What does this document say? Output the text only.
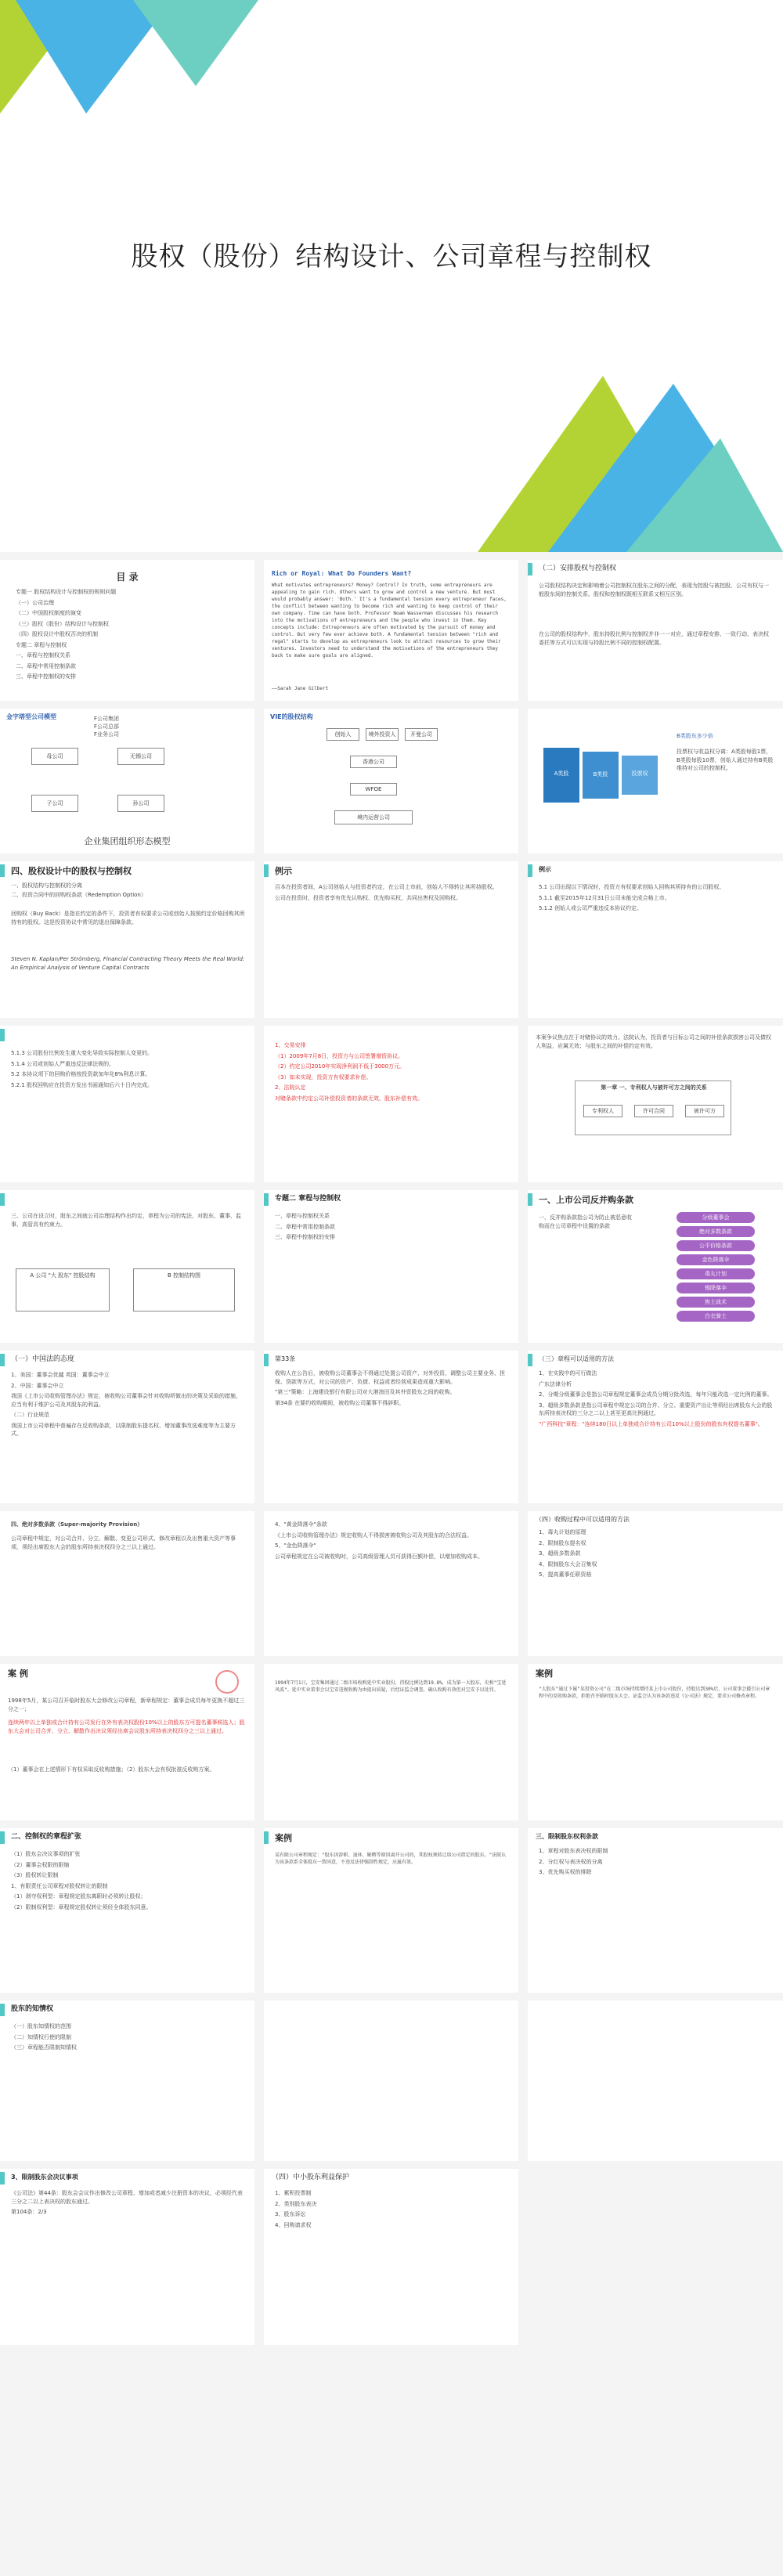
股权（股份）结构设计、公司章程与控制权
目 录
专题一 股权结构设计与控制权的规则问题
（一）公司治理
（二）中国股权制度的演变
（三）股权（股份）结构设计与控制权
（四）股权设计中股权否决的机制
专题二 章程与控制权
一、章程与控制权关系
二、章程中常用控制条款
三、章程中控制权的安排
Rich or Royal: What Do Founders Want?
What motivates entrepreneurs? Money? Control? In truth, some entrepreneurs are appealing to gain rich. Others want to grow and control a new venture. But most would probably answer: 'Both.' It's a fundamental tension every entrepreneur faces, the conflict between wanting to become rich and wanting to keep control of their own company. Time can have both. Professor Noam Wasserman discusses his research into the motivations of entrepreneurs and the people who invest in them. Key concepts include: Entrepreneurs are often motivated by the pursuit of money and control. But very few ever achieve both. A fundamental tension between "rich and regal" starts to develop as entrepreneurs look to attract resources to grow their ventures. Investors need to understand the motivations of the entrepreneurs they back to make sure goals are aligned.
——Sarah Jane Gilbert
（二）安排股权与控制权
公司股权结构决定和影响着公司控制权在股东之间的分配，表现为控股与被控股、公司有权与一般股东间的控制关系。股权和控制权既相互联系又相互区别。
在公司的股权结构中，股东持股比例与控制权并非一一对应，通过章程安排、一致行动、表决权委托等方式可以实现与持股比例不同的控制权配置。
金字塔型公司模型
母公司	无锡公司
子公司	孙公司
F公司集团
F公司总部
F业务公司
企业集团组织形态模型
VIE的股权结构
创始人	境外投资人	开曼公司
香港公司
WFOE
境内运营公司
A类股	B类股	投票权
B类股东多少倍
投票权与收益权分离：A类股每股1票，B类股每股10票，创始人通过持有B类股维持对公司的控制权。
四、股权设计中的股权与控制权
一、股权结构与控制权的分离
二、投资合同中的回购权条款（Redemption Option）
回购权（Buy Back）是指在约定的条件下，投资者有权要求公司或创始人按照约定价格回购其所持有的股权。这是投资协议中常见的退出保障条款。
Steven N. Kaplan/Per Strömberg, Financial Contracting Theory Meets the Real World: An Empirical Analysis of Venture Capital Contracts
例示
百本在投资者间，A公司创始人与投资者约定，在公司上市前，创始人不得转让其所持股权。
公司在投资时，投资者享有优先认购权、优先购买权、共同出售权及回购权。
例示
5.1 公司出现以下情况时，投资方有权要求创始人回购其所持有的公司股权。
5.1.1 截至2015年12月31日公司未能完成合格上市。
5.1.2 创始人或公司严重违反本协议约定。
5.1.3 公司股份比例发生重大变化导致实际控制人变更的。
5.1.4 公司或创始人严重违反法律法规的。
5.2 本协议项下的回购价格按投资款加年化8%利息计算。
5.2.1 股权回购应在投资方发出书面通知后六十日内完成。
1、交易安排
（1）2009年7月8日，投资方与公司签署增资协议。
（2）约定公司2010年实现净利润不低于3000万元。
（3）如未实现，投资方有权要求补偿。
2、法院认定
对赌条款中约定公司补偿投资者的条款无效，股东补偿有效。
本案争议焦点在于对赌协议的效力。法院认为，投资者与目标公司之间的补偿条款损害公司及债权人利益，应属无效；与股东之间的补偿约定有效。
第一章 一、专利权人与被许可方之间的关系
专利权人	许可合同	被许可方
三、公司在设立时，股东之间就公司治理结构作出约定，章程为公司的宪法，对股东、董事、监事、高管具有约束力。
A 公司 "大 股东" 控股结构	B 控制结构图
专题二 章程与控制权
一、章程与控制权关系
二、章程中常用控制条款
三、章程中控制权的安排
一、上市公司反并购条款
一、反并购条款指公司为防止被恶意收购而在公司章程中设置的条款
分级董事会
绝对多数条款
公平价格条款
金色降落伞
毒丸计划
锡降落伞
焦土战术
白衣骑士
（一）中国法的态度
1、美国：董事会优越 英国：董事会中立
2、中国：董事会中立
我国《上市公司收购管理办法》规定，被收购公司董事会针对收购所做出的决策及采取的措施，应当有利于维护公司及其股东的利益。
（二）行业规范
我国上市公司章程中普遍存在反收购条款，以限制股东提名权、增加董事改选难度等为主要方式。
第33条
收购人在公告后，被收购公司董事会不得通过处置公司资产、对外投资、调整公司主要业务、担保、贷款等方式，对公司的资产、负债、权益或者经营成果造成重大影响。
"第三"策略：上海建设银行有限公司对大港油田及其外资股东之间的收购。
第34条 在要约收购期间，被收购公司董事不得辞职。
（三）章程可以适用的方法
1、在实践中的可行做法
广东法律分析
2、分期分级董事会是指公司章程规定董事会成员分期分批改选，每年只能改选一定比例的董事。
3、超级多数条款是指公司章程中规定公司的合并、分立、重要资产出让等须经出席股东大会的股东所持表决权的三分之二以上甚至更高比例通过。
"广西科技"章程："连续180日以上单独或合计持有公司10%以上股份的股东有权提名董事"。
四、绝对多数条款（Super-majority Provision）
公司章程中规定，对公司合并、分立、解散、变更公司形式、修改章程以及出售重大资产等事项，须经出席股东大会的股东所持表决权四分之三以上通过。
4、"黄金降落伞"条款
《上市公司收购管理办法》规定收购人不得损害被收购公司及其股东的合法权益。
5、"金色降落伞"
公司章程规定在公司被收购时，公司高级管理人员可获得巨额补偿，以增加收购成本。
（四）收购过程中可以适用的方法
1、毒丸计划的原理
2、限制股东提名权
3、超级多数条款
4、限制股东大会召集权
5、提高董事任职资格
案 例
1998年5月，某公司召开临时股东大会修改公司章程，新章程规定：董事会成员每年更换不超过三分之一；
连续两年以上单独或合计持有公司发行在外有表决权股份10%以上的股东方可提名董事候选人；股东大会对公司合并、分立、解散作出决议须经出席会议股东所持表决权四分之三以上通过。
（1）董事会在上述情形下有权采取反收购措施；（2）股东大会有权批准反收购方案。
1994年7月1日，宝安集团通过二级市场收购延中实业股份，持股比例达到19.8%，成为第一大股东，史称"宝延风波"。延中实业董事会以宝安违规收购为由提出质疑，后经证监会调查，确认收购有效但对宝安予以处罚。
案例
"大股东"通过下属"某投资公司"在二级市场持续增持某上市公司股份，持股达到30%后，公司董事会援引公司章程中的反收购条款，拒绝召开临时股东大会。证监会认为该条款违反《公司法》规定，要求公司修改章程。
二、控制权的章程扩张
（1）股东会决议事项的扩张
（2）董事会权限的限缩
（3）股权转让限制
1、有限责任公司章程对股权转让的限制
（1）剥夺权利型：章程规定股东离职时必须转让股权；
（2）限制权利型：章程规定股权转让须经全体股东同意。
案例
某有限公司章程规定："股东因辞职、退休、解聘等原因离开公司的，其股权须转让给公司指定的股东。"法院认为该条款系全体股东一致同意，不违反法律强制性规定，应属有效。
三、限制股东权利条款
1、章程对股东表决权的限制
2、分红权与表决权的分离
3、优先购买权的排除
股东的知情权
（一）股东知情权的范围
（二）知情权行使的限制
（三）章程能否限制知情权
3、限制股东会决议事项
《公司法》第44条：股东会会议作出修改公司章程、增加或者减少注册资本的决议，必须经代表三分之二以上表决权的股东通过。
第104条：2/3
（四）中小股东利益保护
1、累积投票制
2、类别股东表决
3、股东诉讼
4、回购请求权
